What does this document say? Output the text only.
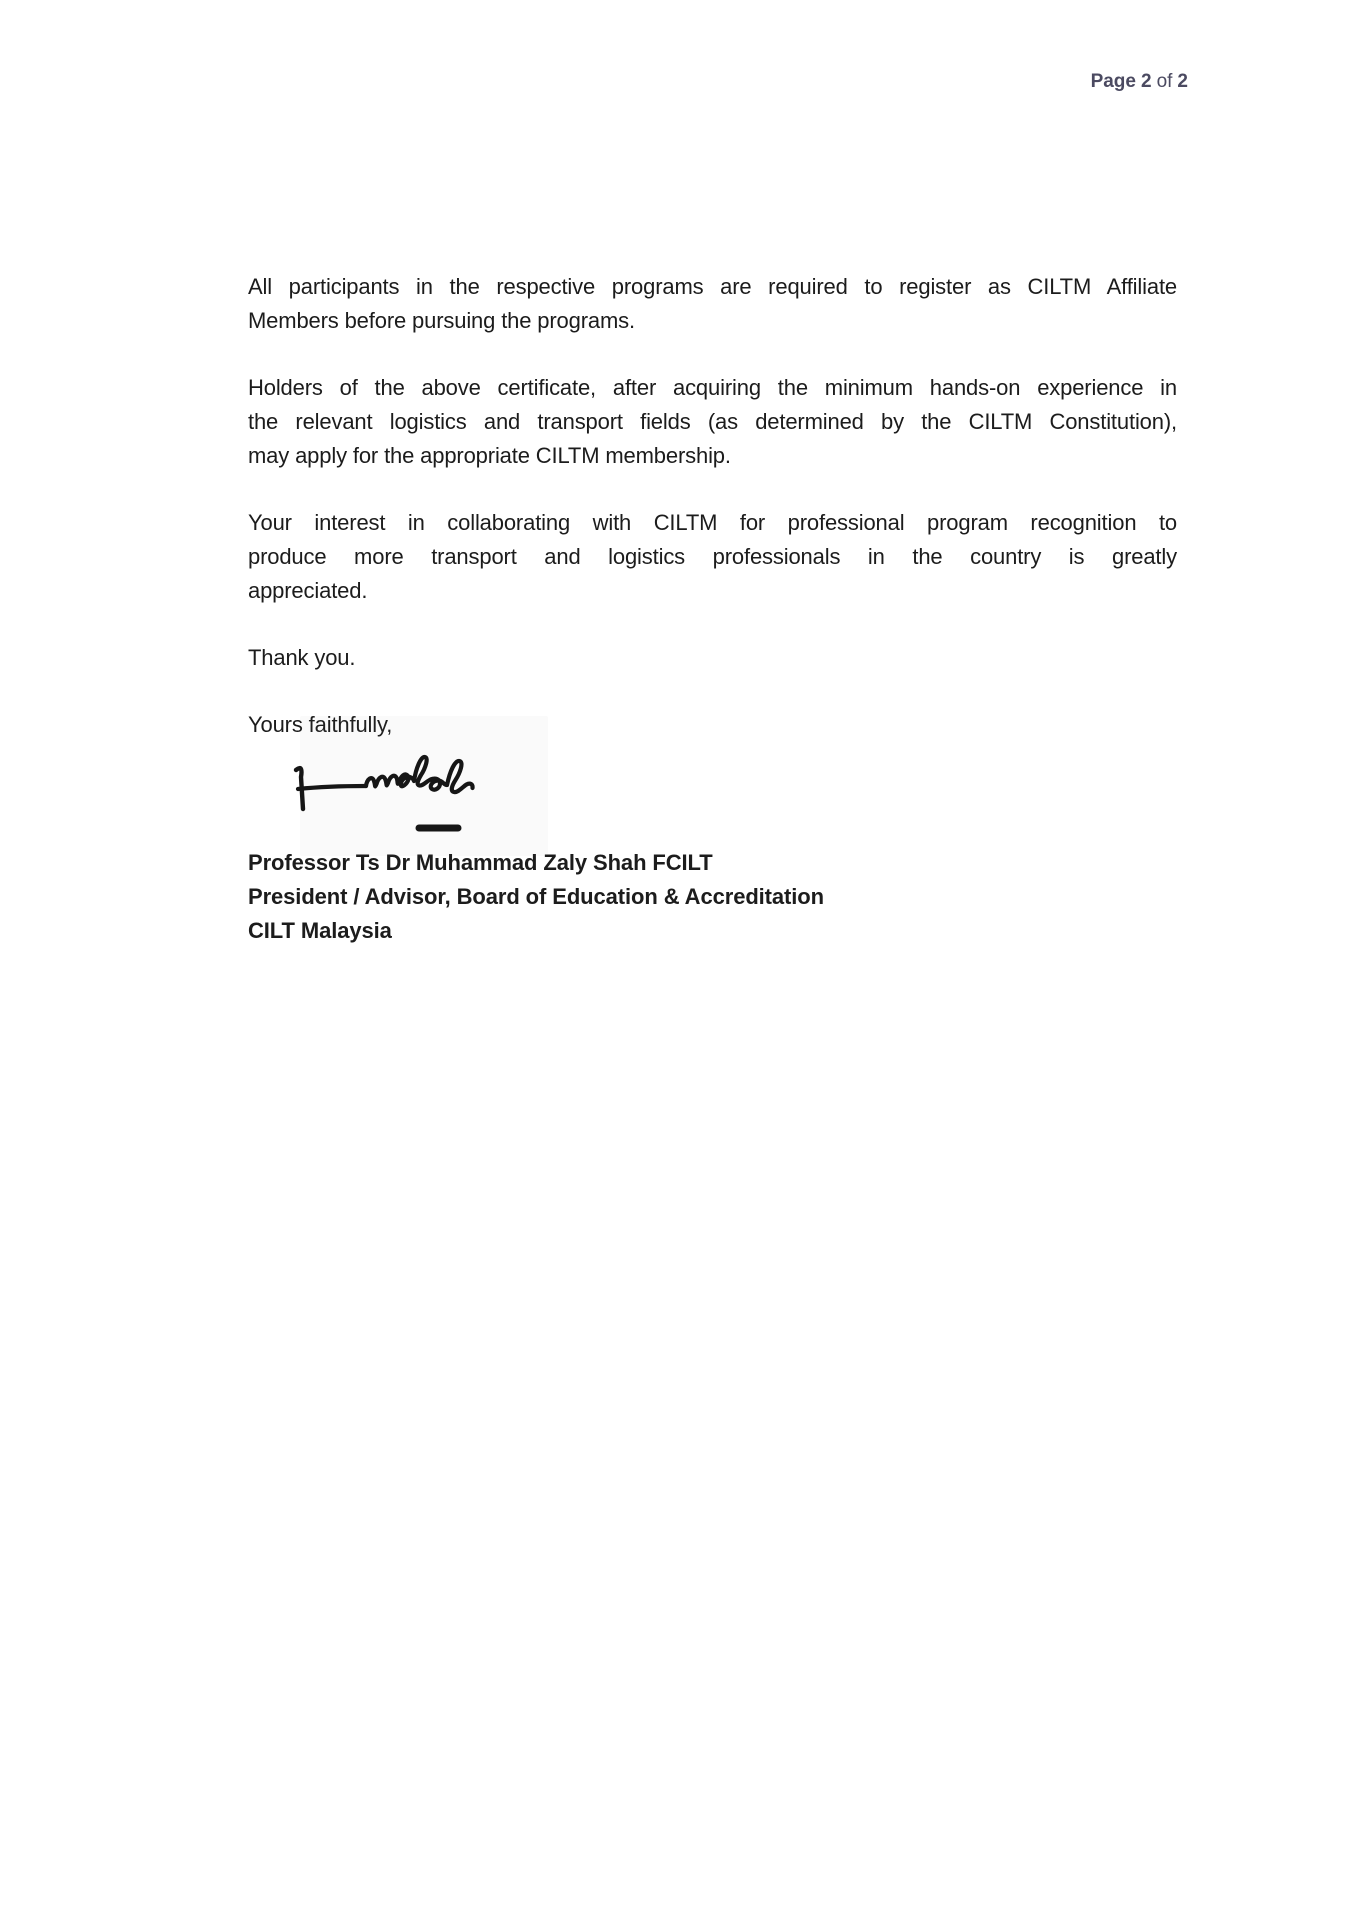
Page 2 of 2
All participants in the respective programs are required to register as CILTM Affiliate
Members before pursuing the programs.
Holders of the above certificate, after acquiring the minimum hands-on experience in
the relevant logistics and transport fields (as determined by the CILTM Constitution),
may apply for the appropriate CILTM membership.
Your interest in collaborating with CILTM for professional program recognition to
produce more transport and logistics professionals in the country is greatly
appreciated.
Thank you.
Yours faithfully,
Professor Ts Dr Muhammad Zaly Shah FCILT
President / Advisor, Board of Education & Accreditation
CILT Malaysia
